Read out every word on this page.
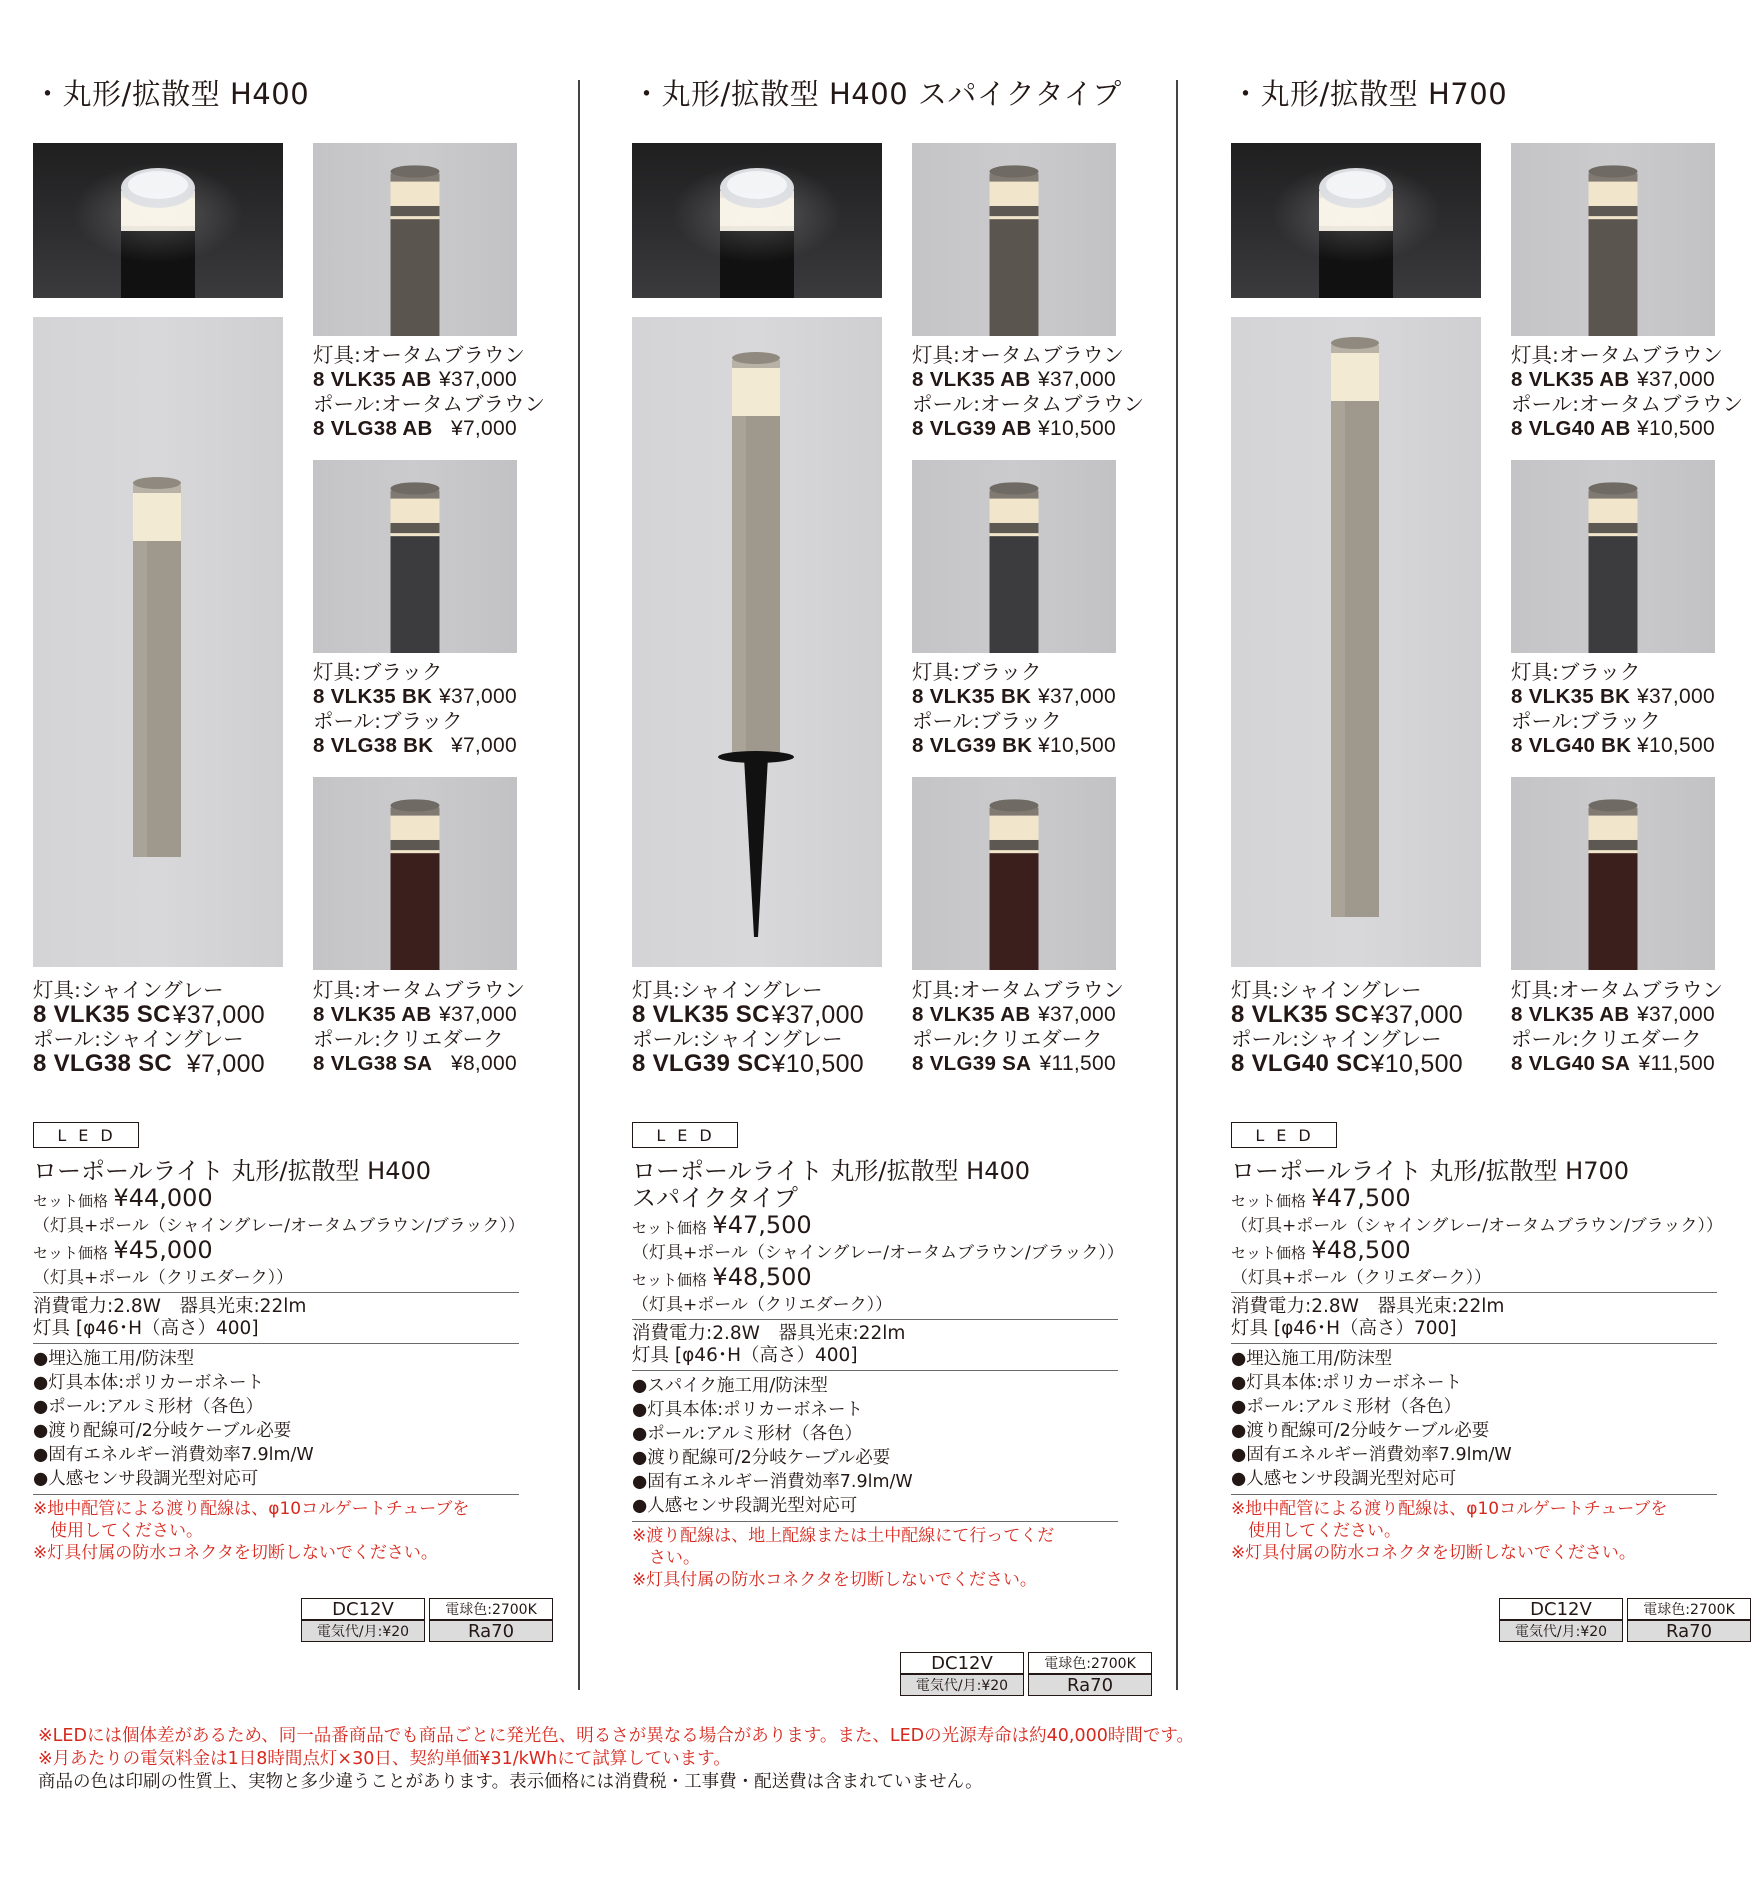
・丸形/拡散型 H400
灯具:シャイングレー
8 VLK35 SC ¥37,000
ポール:シャイングレー
8 VLG38 SC ¥7,000
灯具:オータムブラウン
8 VLK35 AB ¥37,000
ポール:オータムブラウン
8 VLG38 AB ¥7,000
灯具:ブラック
8 VLK35 BK ¥37,000
ポール:ブラック
8 VLG38 BK ¥7,000
灯具:オータムブラウン
8 VLK35 AB ¥37,000
ポール:クリエダーク
8 VLG38 SA ¥8,000
LED
ローポールライト 丸形/拡散型 H400
セット価格 ¥44,000
（灯具+ポール（シャイングレー/オータムブラウン/ブラック））
セット価格 ¥45,000
（灯具+ポール（クリエダーク））
消費電力:2.8W　器具光束:22lm
灯具 [φ46･H（高さ）400]
●埋込施工用/防沫型
●灯具本体:ポリカーボネート
●ポール:アルミ形材（各色）
●渡り配線可/2分岐ケーブル必要
●固有エネルギー消費効率7.9lm/W
●人感センサ段調光型対応可
※地中配管による渡り配線は、φ10コルゲートチューブを
　使用してください。
※灯具付属の防水コネクタを切断しないでください。
DC12V	電球色:2700K
電気代/月:¥20	Ra70
・丸形/拡散型 H400 スパイクタイプ
灯具:シャイングレー
8 VLK35 SC ¥37,000
ポール:シャイングレー
8 VLG39 SC ¥10,500
灯具:オータムブラウン
8 VLK35 AB ¥37,000
ポール:オータムブラウン
8 VLG39 AB ¥10,500
灯具:ブラック
8 VLK35 BK ¥37,000
ポール:ブラック
8 VLG39 BK ¥10,500
灯具:オータムブラウン
8 VLK35 AB ¥37,000
ポール:クリエダーク
8 VLG39 SA ¥11,500
LED
ローポールライト 丸形/拡散型 H400
スパイクタイプ
セット価格 ¥47,500
（灯具+ポール（シャイングレー/オータムブラウン/ブラック））
セット価格 ¥48,500
（灯具+ポール（クリエダーク））
消費電力:2.8W　器具光束:22lm
灯具 [φ46･H（高さ）400]
●スパイク施工用/防沫型
●灯具本体:ポリカーボネート
●ポール:アルミ形材（各色）
●渡り配線可/2分岐ケーブル必要
●固有エネルギー消費効率7.9lm/W
●人感センサ段調光型対応可
※渡り配線は、地上配線または土中配線にて行ってくだ
　さい。
※灯具付属の防水コネクタを切断しないでください。
DC12V	電球色:2700K
電気代/月:¥20	Ra70
・丸形/拡散型 H700
灯具:シャイングレー
8 VLK35 SC ¥37,000
ポール:シャイングレー
8 VLG40 SC ¥10,500
灯具:オータムブラウン
8 VLK35 AB ¥37,000
ポール:オータムブラウン
8 VLG40 AB ¥10,500
灯具:ブラック
8 VLK35 BK ¥37,000
ポール:ブラック
8 VLG40 BK ¥10,500
灯具:オータムブラウン
8 VLK35 AB ¥37,000
ポール:クリエダーク
8 VLG40 SA ¥11,500
LED
ローポールライト 丸形/拡散型 H700
セット価格 ¥47,500
（灯具+ポール（シャイングレー/オータムブラウン/ブラック））
セット価格 ¥48,500
（灯具+ポール（クリエダーク））
消費電力:2.8W　器具光束:22lm
灯具 [φ46･H（高さ）700]
●埋込施工用/防沫型
●灯具本体:ポリカーボネート
●ポール:アルミ形材（各色）
●渡り配線可/2分岐ケーブル必要
●固有エネルギー消費効率7.9lm/W
●人感センサ段調光型対応可
※地中配管による渡り配線は、φ10コルゲートチューブを
　使用してください。
※灯具付属の防水コネクタを切断しないでください。
DC12V	電球色:2700K
電気代/月:¥20	Ra70
※LEDには個体差があるため、同一品番商品でも商品ごとに発光色、明るさが異なる場合があります。また、LEDの光源寿命は約40,000時間です。
※月あたりの電気料金は1日8時間点灯×30日、契約単価¥31/kWhにて試算しています。
商品の色は印刷の性質上、実物と多少違うことがあります。表示価格には消費税・工事費・配送費は含まれていません。
